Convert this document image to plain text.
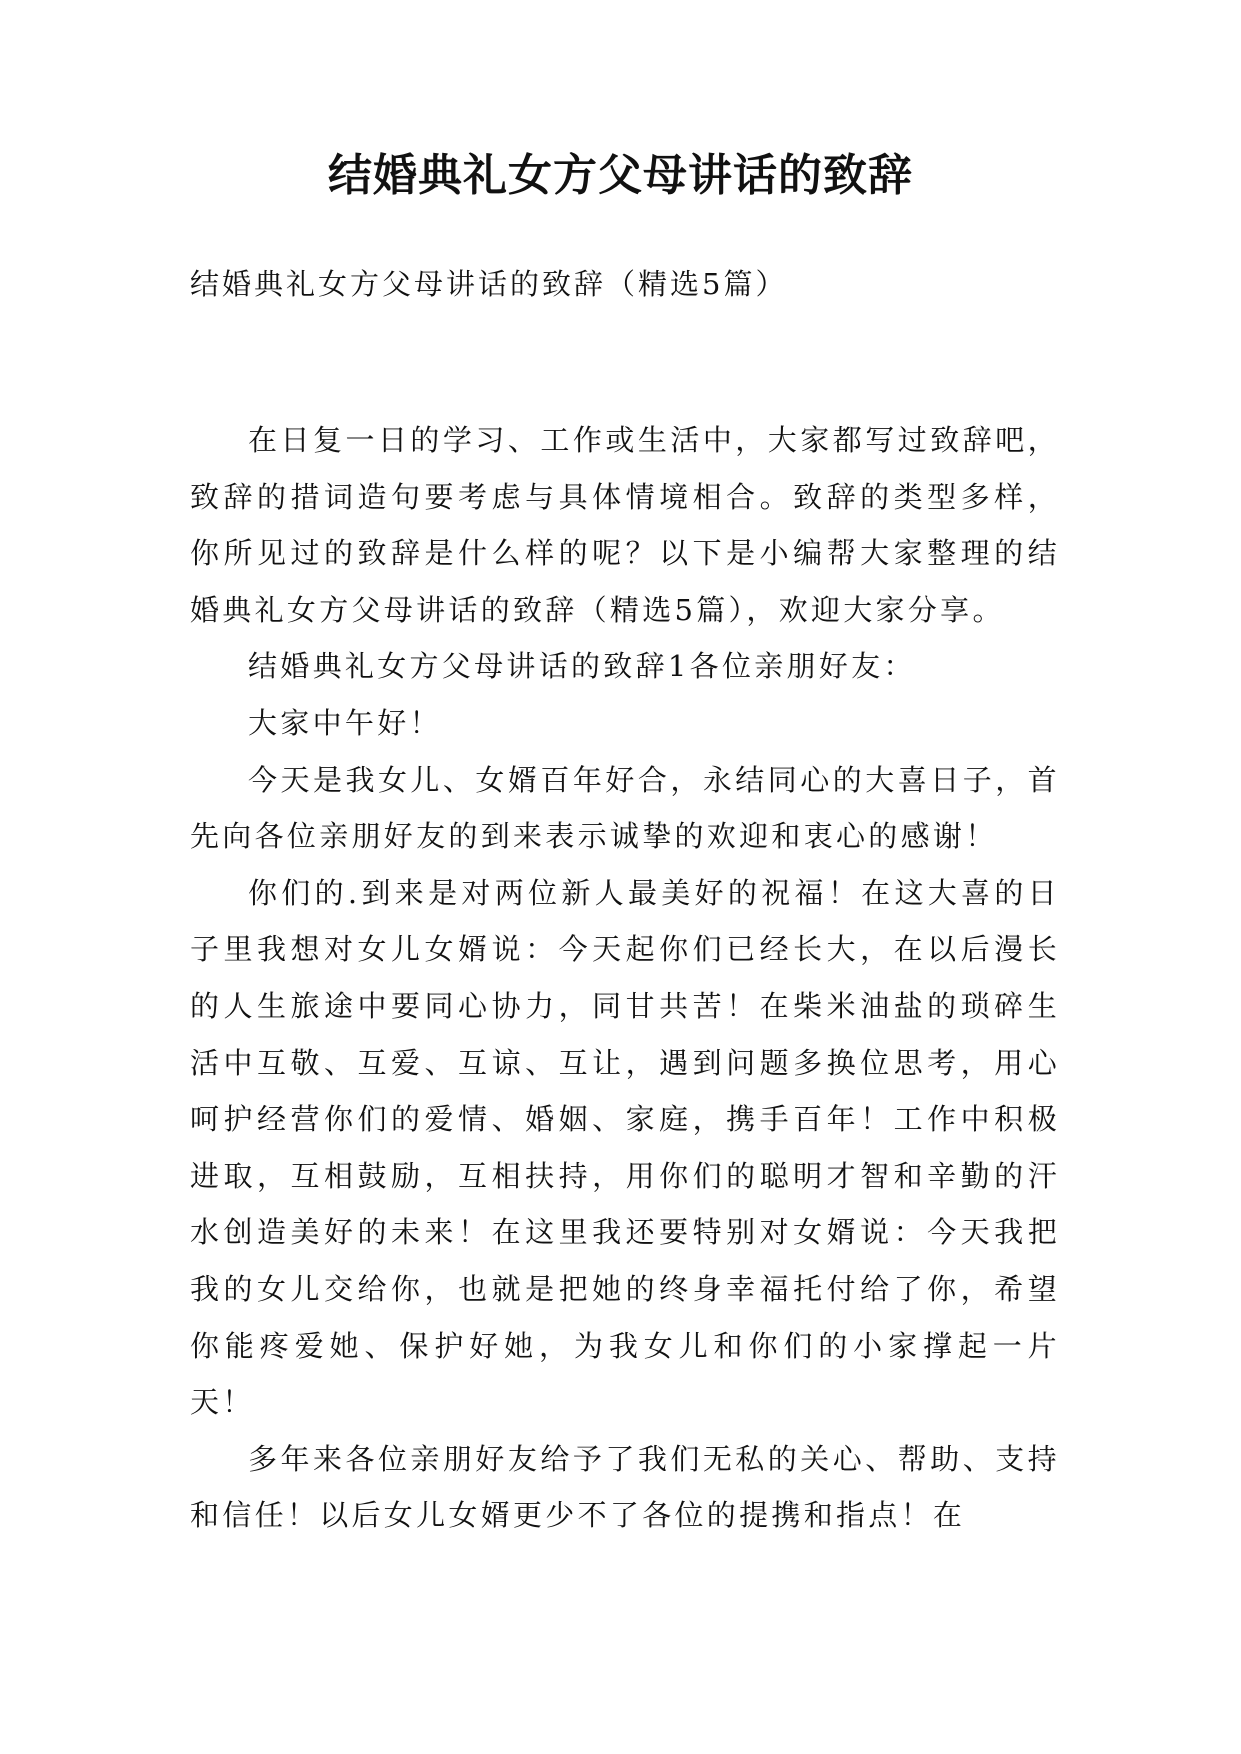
结婚典礼女方父母讲话的致辞
结婚典礼女方父母讲话的致辞（精选5篇）

在日复一日的学习、工作或生活中，大家都写过致辞吧，致辞的措词造句要考虑与具体情境相合。致辞的类型多样，你所见过的致辞是什么样的呢？以下是小编帮大家整理的结婚典礼女方父母讲话的致辞（精选5篇），欢迎大家分享。

结婚典礼女方父母讲话的致辞1各位亲朋好友：

大家中午好！

今天是我女儿、女婿百年好合，永结同心的大喜日子，首先向各位亲朋好友的到来表示诚挚的欢迎和衷心的感谢！

你们的.到来是对两位新人最美好的祝福！在这大喜的日子里我想对女儿女婿说：今天起你们已经长大，在以后漫长的人生旅途中要同心协力，同甘共苦！在柴米油盐的琐碎生活中互敬、互爱、互谅、互让，遇到问题多换位思考，用心呵护经营你们的爱情、婚姻、家庭，携手百年！工作中积极进取，互相鼓励，互相扶持，用你们的聪明才智和辛勤的汗水创造美好的未来！在这里我还要特别对女婿说：今天我把我的女儿交给你，也就是把她的终身幸福托付给了你，希望你能疼爱她、保护好她，为我女儿和你们的小家撑起一片天！

多年来各位亲朋好友给予了我们无私的关心、帮助、支持和信任！以后女儿女婿更少不了各位的提携和指点！在
